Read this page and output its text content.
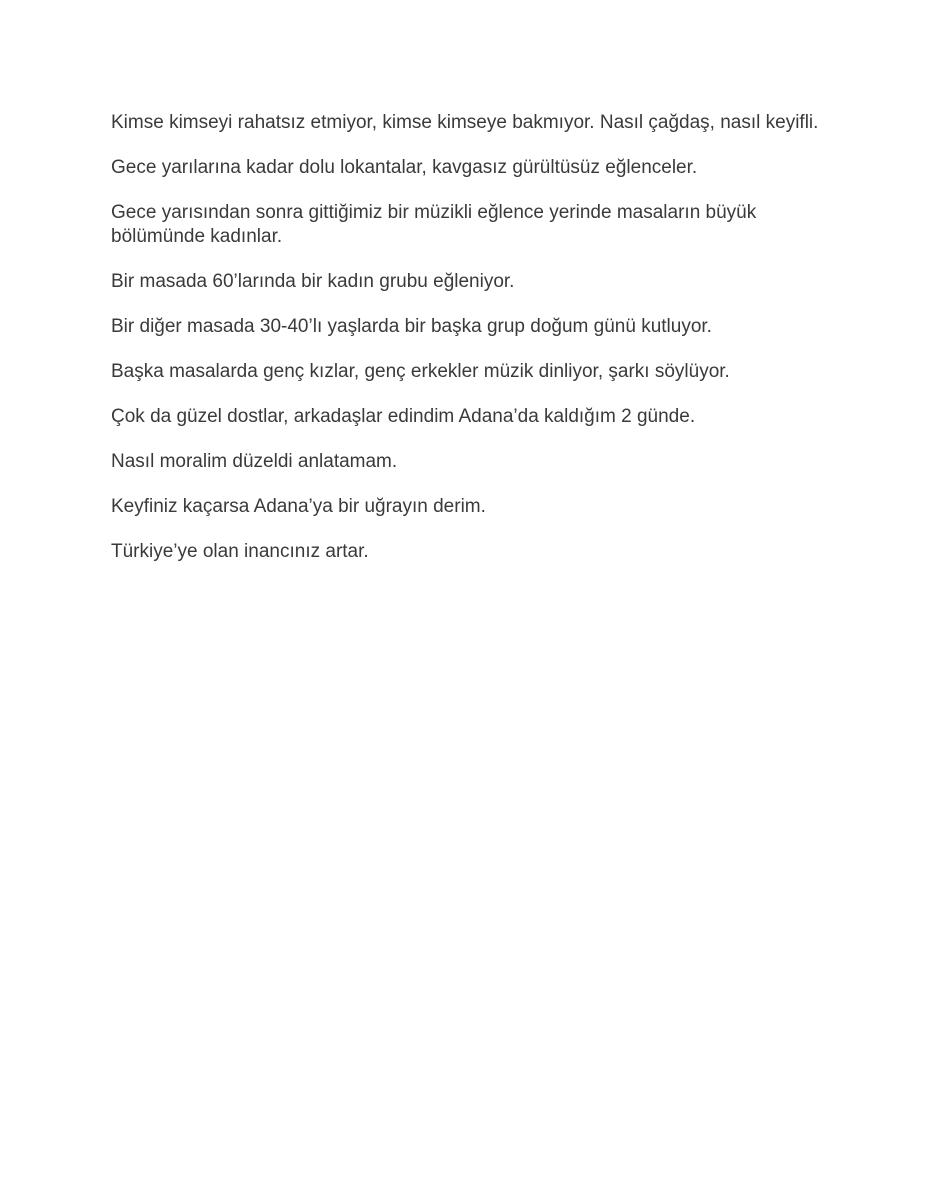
Kimse kimseyi rahatsız etmiyor, kimse kimseye bakmıyor. Nasıl çağdaş, nasıl keyifli.

Gece yarılarına kadar dolu lokantalar, kavgasız gürültüsüz eğlenceler.

Gece yarısından sonra gittiğimiz bir müzikli eğlence yerinde masaların büyük bölümünde kadınlar.

Bir masada 60’larında bir kadın grubu eğleniyor.

Bir diğer masada 30-40’lı yaşlarda bir başka grup doğum günü kutluyor.

Başka masalarda genç kızlar, genç erkekler müzik dinliyor, şarkı söylüyor.

Çok da güzel dostlar, arkadaşlar edindim Adana’da kaldığım 2 günde.

Nasıl moralim düzeldi anlatamam.

Keyfiniz kaçarsa Adana’ya bir uğrayın derim.

Türkiye’ye olan inancınız artar.
